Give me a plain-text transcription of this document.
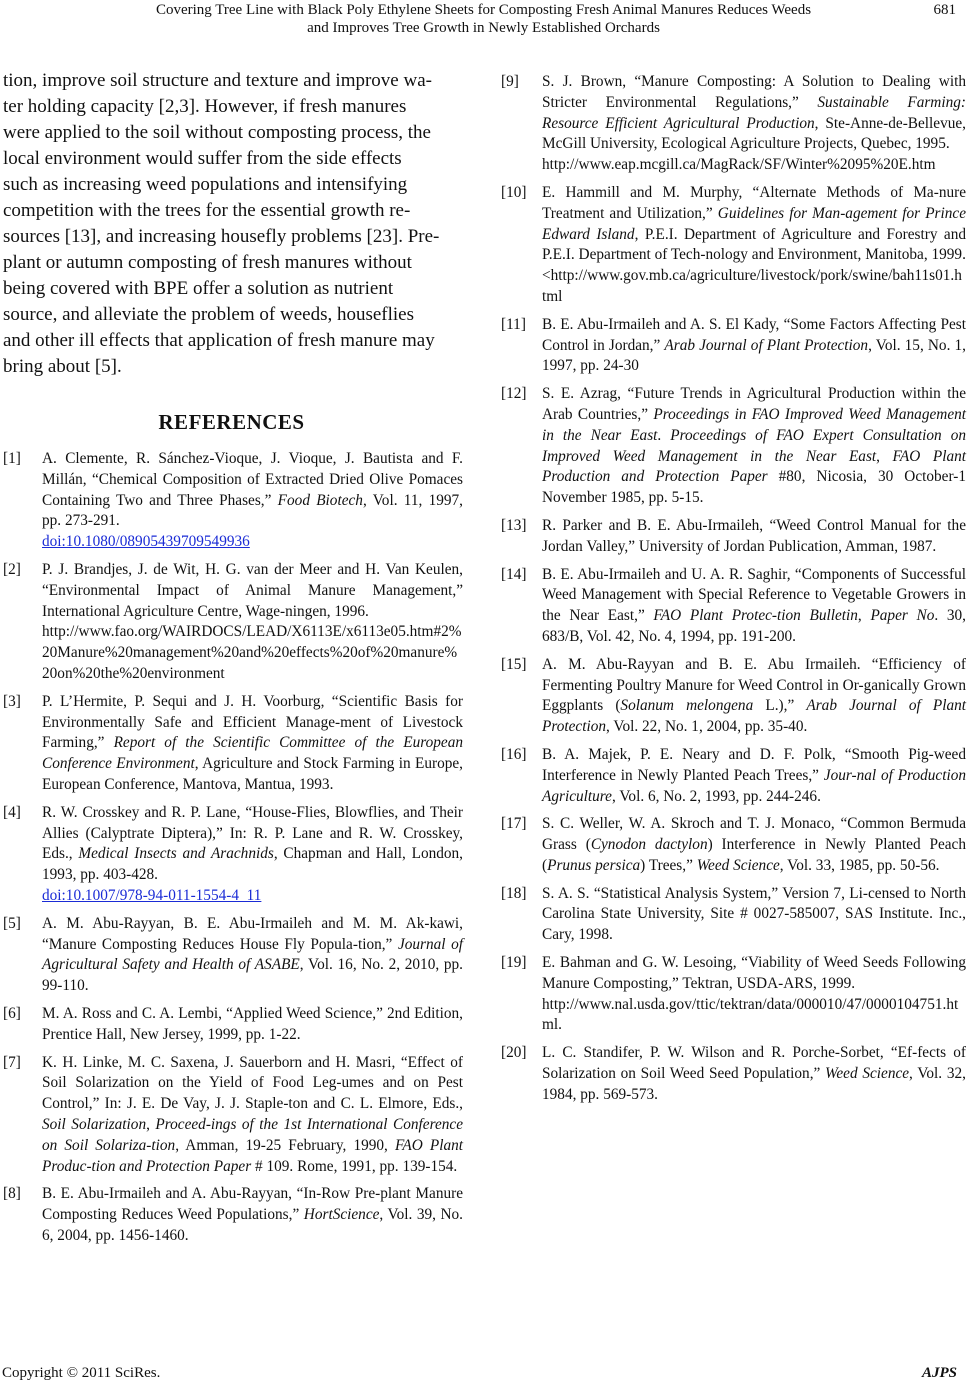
Covering Tree Line with Black Poly Ethylene Sheets for Composting Fresh Animal Manures Reduces Weeds
and Improves Tree Growth in Newly Established Orchards
681
tion, improve soil structure and texture and improve wa-
ter holding capacity [2,3]. However, if fresh manures
were applied to the soil without composting process, the
local environment would suffer from the side effects
such as increasing weed populations and intensifying
competition with the trees for the essential growth re-
sources [13], and increasing housefly problems [23]. Pre-
plant or autumn composting of fresh manures without
being covered with BPE offer a solution as nutrient
source, and alleviate the problem of weeds, houseflies
and other ill effects that application of fresh manure may
bring about [5].
REFERENCES
[1]	A. Clemente, R. Sánchez-Vioque, J. Vioque, J. Bautista and F. Millán, “Chemical Composition of Extracted Dried Olive Pomaces Containing Two and Three Phases,” Food Biotech, Vol. 11, 1997, pp. 273-291.
doi:10.1080/08905439709549936
[2]	P. J. Brandjes, J. de Wit, H. G. van der Meer and H. Van Keulen, “Environmental Impact of Animal Manure Management,” International Agriculture Centre, Wage-ningen, 1996.
http://www.fao.org/WAIRDOCS/LEAD/X6113E/x6113e05.htm#2%20Manure%20management%20and%20effects%20of%20manure%20on%20the%20environment
[3]	P. L’Hermite, P. Sequi and J. H. Voorburg, “Scientific Basis for Environmentally Safe and Efficient Manage-ment of Livestock Farming,” Report of the Scientific Committee of the European Conference Environment, Agriculture and Stock Farming in Europe, European Conference, Mantova, Mantua, 1993.
[4]	R. W. Crosskey and R. P. Lane, “House-Flies, Blowflies, and Their Allies (Calyptrate Diptera),” In: R. P. Lane and R. W. Crosskey, Eds., Medical Insects and Arachnids, Chapman and Hall, London, 1993, pp. 403-428.
doi:10.1007/978-94-011-1554-4_11
[5]	A. M. Abu-Rayyan, B. E. Abu-Irmaileh and M. M. Ak-kawi, “Manure Composting Reduces House Fly Popula-tion,” Journal of Agricultural Safety and Health of ASABE, Vol. 16, No. 2, 2010, pp. 99-110.
[6]	M. A. Ross and C. A. Lembi, “Applied Weed Science,” 2nd Edition, Prentice Hall, New Jersey, 1999, pp. 1-22.
[7]	K. H. Linke, M. C. Saxena, J. Sauerborn and H. Masri, “Effect of Soil Solarization on the Yield of Food Leg-umes and on Pest Control,” In: J. E. De Vay, J. J. Staple-ton and C. L. Elmore, Eds., Soil Solarization, Proceed-ings of the 1st International Conference on Soil Solariza-tion, Amman, 19-25 February, 1990, FAO Plant Produc-tion and Protection Paper # 109. Rome, 1991, pp. 139-154.
[8]	B. E. Abu-Irmaileh and A. Abu-Rayyan, “In-Row Pre-plant Manure Composting Reduces Weed Populations,” HortScience, Vol. 39, No. 6, 2004, pp. 1456-1460.
[9]	S. J. Brown, “Manure Composting: A Solution to Dealing with Stricter Environmental Regulations,” Sustainable Farming: Resource Efficient Agricultural Production, Ste-Anne-de-Bellevue, McGill University, Ecological Agriculture Projects, Quebec, 1995.
http://www.eap.mcgill.ca/MagRack/SF/Winter%2095%20E.htm
[10]	E. Hammill and M. Murphy, “Alternate Methods of Ma-nure Treatment and Utilization,” Guidelines for Man-agement for Prince Edward Island, P.E.I. Department of Agriculture and Forestry and P.E.I. Department of Tech-nology and Environment, Manitoba, 1999.
<http://www.gov.mb.ca/agriculture/livestock/pork/swine/bah11s01.html
[11]	B. E. Abu-Irmaileh and A. S. El Kady, “Some Factors Affecting Pest Control in Jordan,” Arab Journal of Plant Protection, Vol. 15, No. 1, 1997, pp. 24-30
[12]	S. E. Azrag, “Future Trends in Agricultural Production within the Arab Countries,” Proceedings in FAO Improved Weed Management in the Near East. Proceedings of FAO Expert Consultation on Improved Weed Management in the Near East, FAO Plant Production and Protection Paper #80, Nicosia, 30 October-1 November 1985, pp. 5-15.
[13]	R. Parker and B. E. Abu-Irmaileh, “Weed Control Manual for the Jordan Valley,” University of Jordan Publication, Amman, 1987.
[14]	B. E. Abu-Irmaileh and U. A. R. Saghir, “Components of Successful Weed Management with Special Reference to Vegetable Growers in the Near East,” FAO Plant Protec-tion Bulletin, Paper No. 30, 683/B, Vol. 42, No. 4, 1994, pp. 191-200.
[15]	A. M. Abu-Rayyan and B. E. Abu Irmaileh. “Efficiency of Fermenting Poultry Manure for Weed Control in Or-ganically Grown Eggplants (Solanum melongena L.),” Arab Journal of Plant Protection, Vol. 22, No. 1, 2004, pp. 35-40.
[16]	B. A. Majek, P. E. Neary and D. F. Polk, “Smooth Pig-weed Interference in Newly Planted Peach Trees,” Jour-nal of Production Agriculture, Vol. 6, No. 2, 1993, pp. 244-246.
[17]	S. C. Weller, W. A. Skroch and T. J. Monaco, “Common Bermuda Grass (Cynodon dactylon) Interference in Newly Planted Peach (Prunus persica) Trees,” Weed Science, Vol. 33, 1985, pp. 50-56.
[18]	S. A. S. “Statistical Analysis System,” Version 7, Li-censed to North Carolina State University, Site # 0027-585007, SAS Institute. Inc., Cary, 1998.
[19]	E. Bahman and G. W. Lesoing, “Viability of Weed Seeds Following Manure Composting,” Tektran, USDA-ARS, 1999.
http://www.nal.usda.gov/ttic/tektran/data/000010/47/0000104751.html.
[20]	L. C. Standifer, P. W. Wilson and R. Porche-Sorbet, “Ef-fects of Solarization on Soil Weed Seed Population,” Weed Science, Vol. 32, 1984, pp. 569-573.
Copyright © 2011 SciRes.	AJPS
